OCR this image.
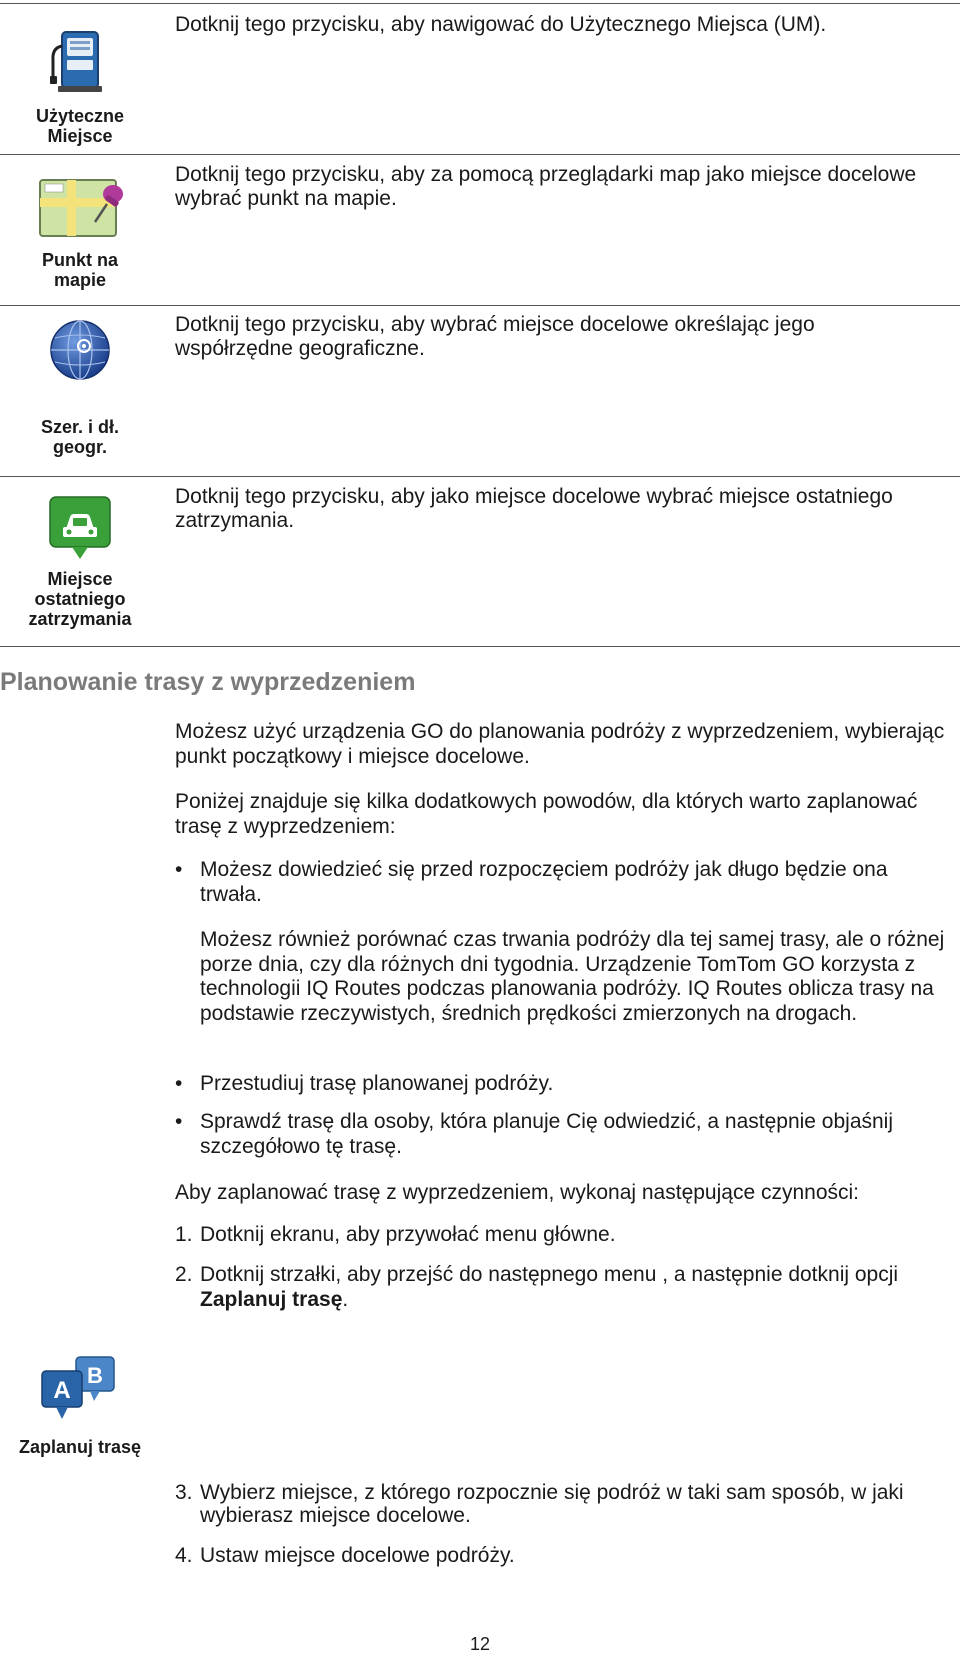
Użyteczne
Miejsce
Dotknij tego przycisku, aby nawigować do Użytecznego Miejsca (UM).
Punkt na
mapie
Dotknij tego przycisku, aby za pomocą przeglądarki map jako miejsce docelowe wybrać punkt na mapie.
Szer. i dł.
geogr.
Dotknij tego przycisku, aby wybrać miejsce docelowe określając jego współrzędne geograficzne.
Miejsce
ostatniego
zatrzymania
Dotknij tego przycisku, aby jako miejsce docelowe wybrać miejsce ostatniego zatrzymania.
Planowanie trasy z wyprzedzeniem
Możesz użyć urządzenia GO do planowania podróży z wyprzedzeniem, wybierając punkt początkowy i miejsce docelowe.
Poniżej znajduje się kilka dodatkowych powodów, dla których warto zaplanować trasę z wyprzedzeniem:
• Możesz dowiedzieć się przed rozpoczęciem podróży jak długo będzie ona trwała.
Możesz również porównać czas trwania podróży dla tej samej trasy, ale o różnej porze dnia, czy dla różnych dni tygodnia. Urządzenie TomTom GO korzysta z technologii IQ Routes podczas planowania podróży. IQ Routes oblicza trasy na podstawie rzeczywistych, średnich prędkości zmierzonych na drogach.
• Przestudiuj trasę planowanej podróży.
• Sprawdź trasę dla osoby, która planuje Cię odwiedzić, a następnie objaśnij szczegółowo tę trasę.
Aby zaplanować trasę z wyprzedzeniem, wykonaj następujące czynności:
1. Dotknij ekranu, aby przywołać menu główne.
2. Dotknij strzałki, aby przejść do następnego menu , a następnie dotknij opcji Zaplanuj trasę.
B
A
Zaplanuj trasę
3. Wybierz miejsce, z którego rozpocznie się podróż w taki sam sposób, w jaki wybierasz miejsce docelowe.
4. Ustaw miejsce docelowe podróży.
12
